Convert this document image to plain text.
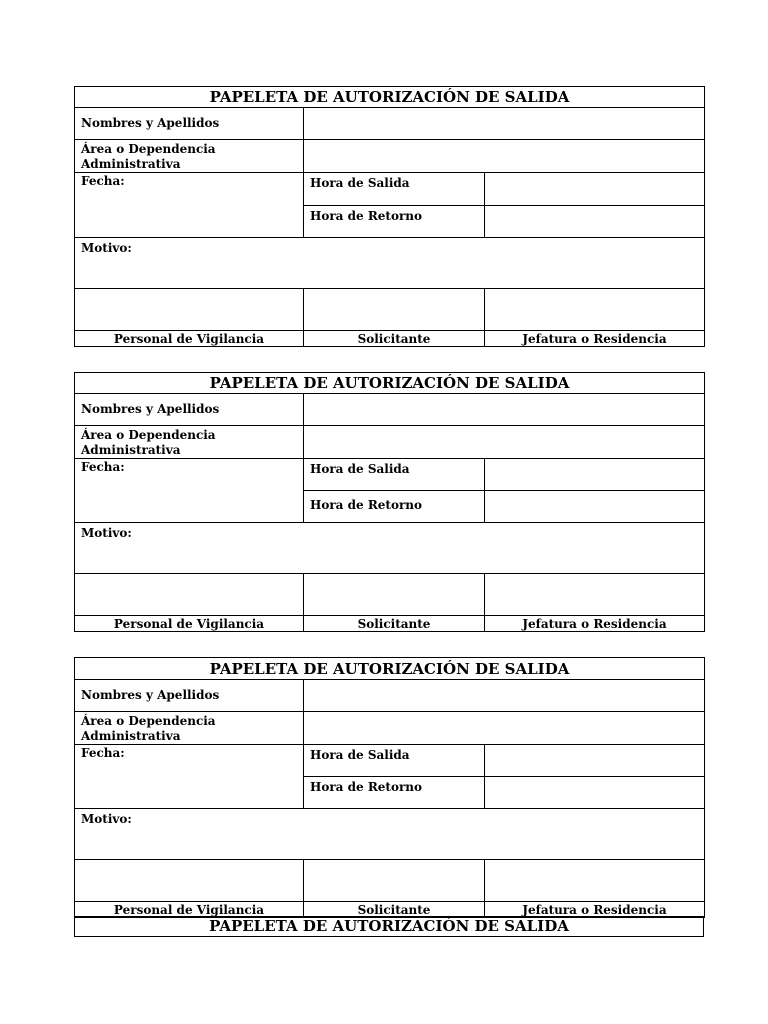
PAPELETA DE AUTORIZACIÓN DE SALIDA		
Nombres y Apellidos		
Área o Dependencia Administrativa		
Fecha:	Hora de Salida	
	Hora de Retorno	
Motivo:		

Personal de Vigilancia	Solicitante	Jefatura o Residencia
PAPELETA DE AUTORIZACIÓN DE SALIDA		
Nombres y Apellidos		
Área o Dependencia Administrativa		
Fecha:	Hora de Salida	
	Hora de Retorno	
Motivo:		

Personal de Vigilancia	Solicitante	Jefatura o Residencia
PAPELETA DE AUTORIZACIÓN DE SALIDA		
Nombres y Apellidos		
Área o Dependencia Administrativa		
Fecha:	Hora de Salida	
	Hora de Retorno	
Motivo:		

Personal de Vigilancia	Solicitante	Jefatura o Residencia
PAPELETA DE AUTORIZACIÓN DE SALIDA
